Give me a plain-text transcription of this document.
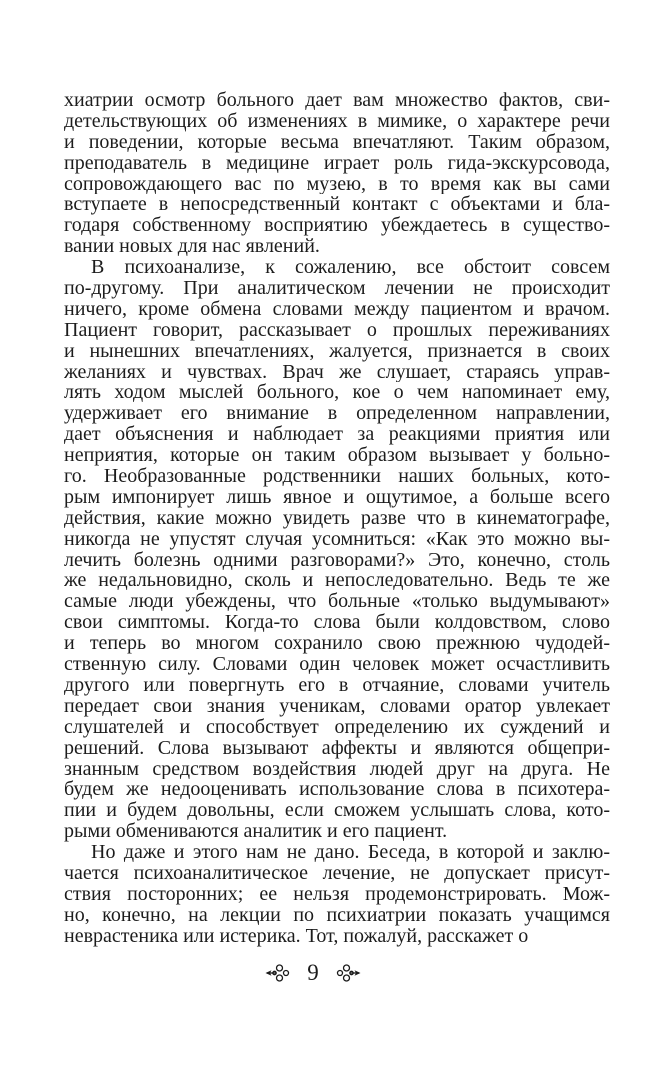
хиатрии осмотр больного дает вам множество фактов, сви-
детельствующих об изменениях в мимике, о характере речи
и поведении, которые весьма впечатляют. Таким образом,
преподаватель в медицине играет роль гида-экскурсовода,
сопровождающего вас по музею, в то время как вы сами
вступаете в непосредственный контакт с объектами и бла-
годаря собственному восприятию убеждаетесь в существо-
вании новых для нас явлений.
В психоанализе, к сожалению, все обстоит совсем
по-другому. При аналитическом лечении не происходит
ничего, кроме обмена словами между пациентом и врачом.
Пациент говорит, рассказывает о прошлых переживаниях
и нынешних впечатлениях, жалуется, признается в своих
желаниях и чувствах. Врач же слушает, стараясь управ-
лять ходом мыслей больного, кое о чем напоминает ему,
удерживает его внимание в определенном направлении,
дает объяснения и наблюдает за реакциями приятия или
неприятия, которые он таким образом вызывает у больно-
го. Необразованные родственники наших больных, кото-
рым импонирует лишь явное и ощутимое, а больше всего
действия, какие можно увидеть разве что в кинематографе,
никогда не упустят случая усомниться: «Как это можно вы-
лечить болезнь одними разговорами?» Это, конечно, столь
же недальновидно, сколь и непоследовательно. Ведь те же
самые люди убеждены, что больные «только выдумывают»
свои симптомы. Когда-то слова были колдовством, слово
и теперь во многом сохранило свою прежнюю чудодей-
ственную силу. Словами один человек может осчастливить
другого или повергнуть его в отчаяние, словами учитель
передает свои знания ученикам, словами оратор увлекает
слушателей и способствует определению их суждений и
решений. Слова вызывают аффекты и являются общепри-
знанным средством воздействия людей друг на друга. Не
будем же недооценивать использование слова в психотера-
пии и будем довольны, если сможем услышать слова, кото-
рыми обмениваются аналитик и его пациент.
Но даже и этого нам не дано. Беседа, в которой и заклю-
чается психоаналитическое лечение, не допускает присут-
ствия посторонних; ее нельзя продемонстрировать. Мож-
но, конечно, на лекции по психиатрии показать учащимся
неврастеника или истерика. Тот, пожалуй, расскажет о
9
